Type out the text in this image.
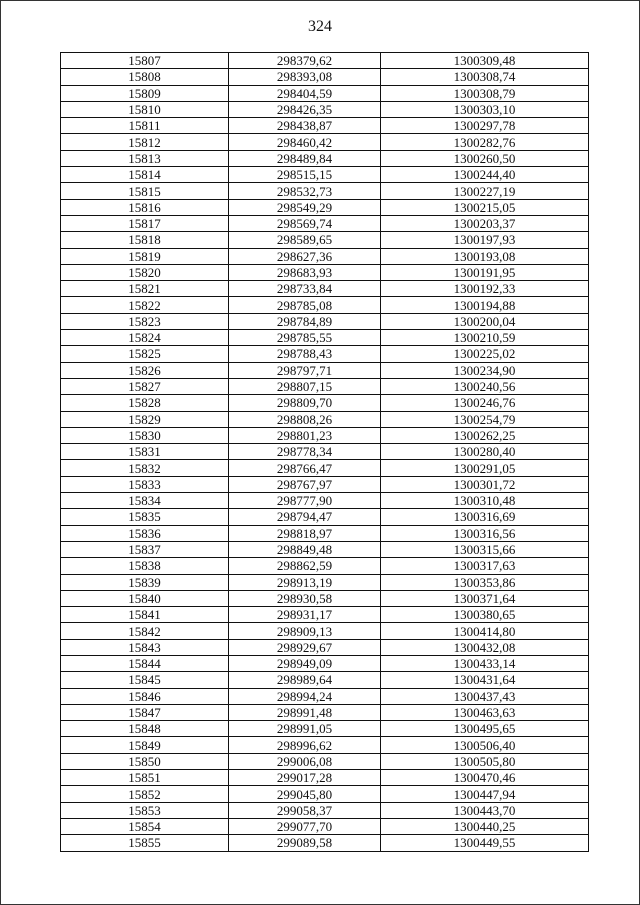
324
15807	298379,62	1300309,48
15808	298393,08	1300308,74
15809	298404,59	1300308,79
15810	298426,35	1300303,10
15811	298438,87	1300297,78
15812	298460,42	1300282,76
15813	298489,84	1300260,50
15814	298515,15	1300244,40
15815	298532,73	1300227,19
15816	298549,29	1300215,05
15817	298569,74	1300203,37
15818	298589,65	1300197,93
15819	298627,36	1300193,08
15820	298683,93	1300191,95
15821	298733,84	1300192,33
15822	298785,08	1300194,88
15823	298784,89	1300200,04
15824	298785,55	1300210,59
15825	298788,43	1300225,02
15826	298797,71	1300234,90
15827	298807,15	1300240,56
15828	298809,70	1300246,76
15829	298808,26	1300254,79
15830	298801,23	1300262,25
15831	298778,34	1300280,40
15832	298766,47	1300291,05
15833	298767,97	1300301,72
15834	298777,90	1300310,48
15835	298794,47	1300316,69
15836	298818,97	1300316,56
15837	298849,48	1300315,66
15838	298862,59	1300317,63
15839	298913,19	1300353,86
15840	298930,58	1300371,64
15841	298931,17	1300380,65
15842	298909,13	1300414,80
15843	298929,67	1300432,08
15844	298949,09	1300433,14
15845	298989,64	1300431,64
15846	298994,24	1300437,43
15847	298991,48	1300463,63
15848	298991,05	1300495,65
15849	298996,62	1300506,40
15850	299006,08	1300505,80
15851	299017,28	1300470,46
15852	299045,80	1300447,94
15853	299058,37	1300443,70
15854	299077,70	1300440,25
15855	299089,58	1300449,55
